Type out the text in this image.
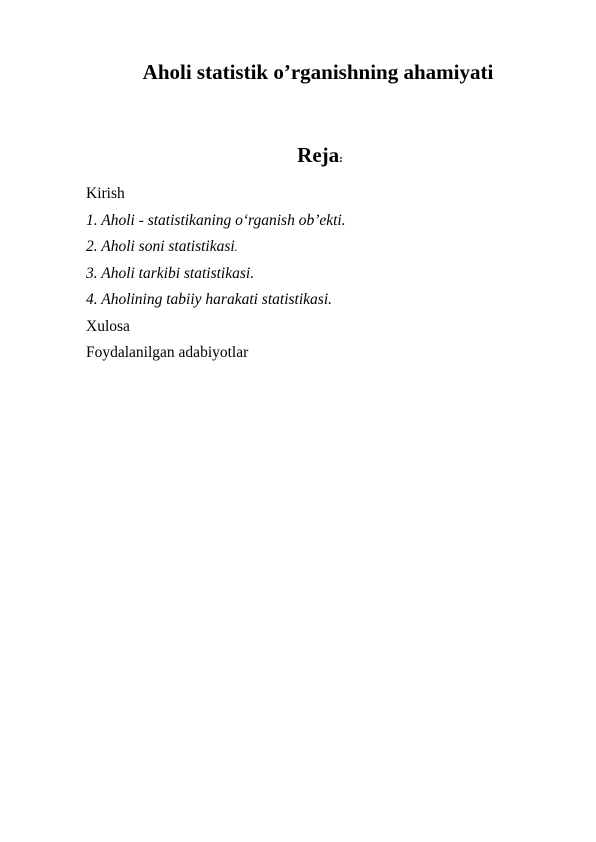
Aholi statistik o’rganishning ahamiyati
Reja:
Kirish
1. Aholi - statistikaning o‘rganish ob’ekti.
2. Aholi soni statistikasi.
3. Aholi tarkibi statistikasi.
4. Aholining tabiiy harakati statistikasi.
Xulosa
Foydalanilgan adabiyotlar
